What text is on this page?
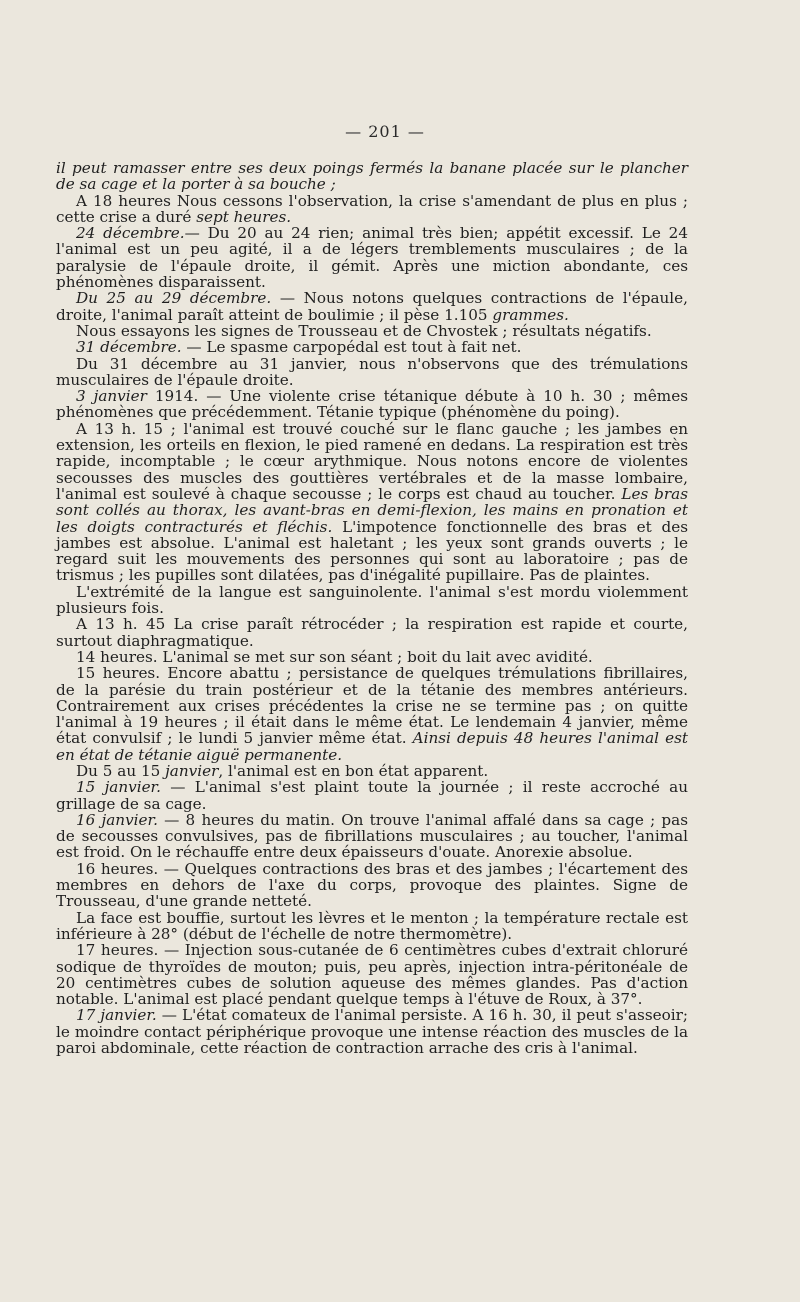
— 201 —

il peut ramasser entre ses deux poings fermés la banane placée sur le plancher de sa cage et la porter à sa bouche ;

A 18 heures Nous cessons l'observation, la crise s'amendant de plus en plus ; cette crise a duré sept heures.

24 décembre.— Du 20 au 24 rien; animal très bien; appétit excessif. Le 24 l'animal est un peu agité, il a de légers tremblements musculaires ; de la paralysie de l'épaule droite, il gémit. Après une miction abondante, ces phénomènes disparaissent.

Du 25 au 29 décembre. — Nous notons quelques contractions de l'épaule, droite, l'animal paraît atteint de boulimie ; il pèse 1.105 grammes.

Nous essayons les signes de Trousseau et de Chvostek ; résultats négatifs.

31 décembre. — Le spasme carpopédal est tout à fait net.

Du 31 décembre au 31 janvier, nous n'observons que des trémulations musculaires de l'épaule droite.

3 janvier 1914. — Une violente crise tétanique débute à 10 h. 30 ; mêmes phénomènes que précédemment. Tétanie typique (phénomène du poing).

A 13 h. 15 ; l'animal est trouvé couché sur le flanc gauche ; les jambes en extension, les orteils en flexion, le pied ramené en dedans. La respiration est très rapide, incomptable ; le cœur arythmique. Nous notons encore de violentes secousses des muscles des gouttières vertébrales et de la masse lombaire, l'animal est soulevé à chaque secousse ; le corps est chaud au toucher. Les bras sont collés au thorax, les avant-bras en demi-flexion, les mains en pronation et les doigts contracturés et fléchis. L'impotence fonctionnelle des bras et des jambes est absolue. L'animal est haletant ; les yeux sont grands ouverts ; le regard suit les mouvements des personnes qui sont au laboratoire ; pas de trismus ; les pupilles sont dilatées, pas d'inégalité pupillaire. Pas de plaintes.

L'extrémité de la langue est sanguinolente. l'animal s'est mordu violemment plusieurs fois.

A 13 h. 45 La crise paraît rétrocéder ; la respiration est rapide et courte, surtout diaphragmatique.

14 heures. L'animal se met sur son séant ; boit du lait avec avidité.

15 heures. Encore abattu ; persistance de quelques trémulations fibrillaires, de la parésie du train postérieur et de la tétanie des membres antérieurs. Contrairement aux crises précédentes la crise ne se termine pas ; on quitte l'animal à 19 heures ; il était dans le même état. Le lendemain 4 janvier, même état convulsif ; le lundi 5 janvier même état. Ainsi depuis 48 heures l'animal est en état de tétanie aiguë permanente.

Du 5 au 15 janvier, l'animal est en bon état apparent.

15 janvier. — L'animal s'est plaint toute la journée ; il reste accroché au grillage de sa cage.

16 janvier. — 8 heures du matin. On trouve l'animal affalé dans sa cage ; pas de secousses convulsives, pas de fibrillations musculaires ; au toucher, l'animal est froid. On le réchauffe entre deux épaisseurs d'ouate. Anorexie absolue.

16 heures. — Quelques contractions des bras et des jambes ; l'écartement des membres en dehors de l'axe du corps, provoque des plaintes. Signe de Trousseau, d'une grande netteté.

La face est bouffie, surtout les lèvres et le menton ; la température rectale est inférieure à 28° (début de l'échelle de notre thermomètre).

17 heures. — Injection sous-cutanée de 6 centimètres cubes d'extrait chloruré sodique de thyroïdes de mouton; puis, peu après, injection intra-péritonéale de 20 centimètres cubes de solution aqueuse des mêmes glandes. Pas d'action notable. L'animal est placé pendant quelque temps à l'étuve de Roux, à 37°.

17 janvier. — L'état comateux de l'animal persiste. A 16 h. 30, il peut s'asseoir; le moindre contact périphérique provoque une intense réaction des muscles de la paroi abdominale, cette réaction de contraction arrache des cris à l'animal.
